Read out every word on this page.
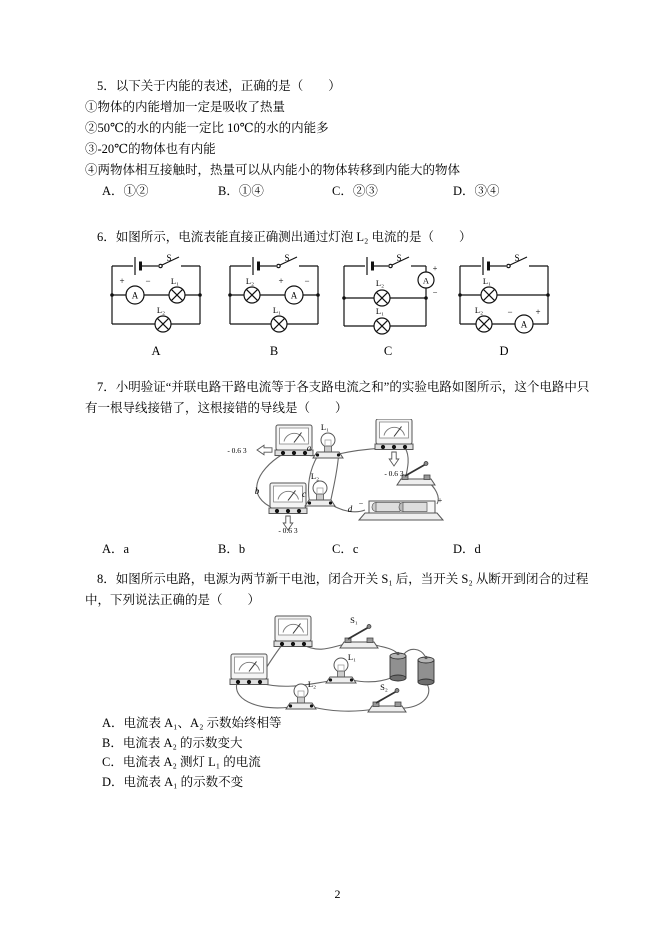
5．以下关于内能的表述，正确的是（　　）
①物体的内能增加一定是吸收了热量
②50℃的水的内能一定比 10℃的水的内能多
③-20℃的物体也有内能
④两物体相互接触时，热量可以从内能小的物体转移到内能大的物体
A．①②	B．①④	C．②③	D．③④
6．如图所示，电流表能直接正确测出通过灯泡 L₂ 电流的是（　　）
S
+ −
A
L₁
L₂
S
L₂	+ −
A
L₁
S
+
−
A
L₂
L₁
S
L₁
L₂	−	+
A
A	B	C	D
7．小明验证“并联电路干路电流等于各支路电流之和”的实验电路如图所示，这个电路中只
有一根导线接错了，这根接错的导线是（　　）
- 0.6 3
- 0.6 3
- 0.6 3
L₁
L₂
a
b	c
d
−	+
A．a	B．b	C．c	D．d
8．如图所示电路，电源为两节新干电池，闭合开关 S₁ 后，当开关 S₂ 从断开到闭合的过程
中，下列说法正确的是（　　）
S₁
L₁
S₂
L₂
A．电流表 A₁、A₂ 示数始终相等
B．电流表 A₂ 的示数变大
C．电流表 A₂ 测灯 L₁ 的电流
D．电流表 A₁ 的示数不变
2
